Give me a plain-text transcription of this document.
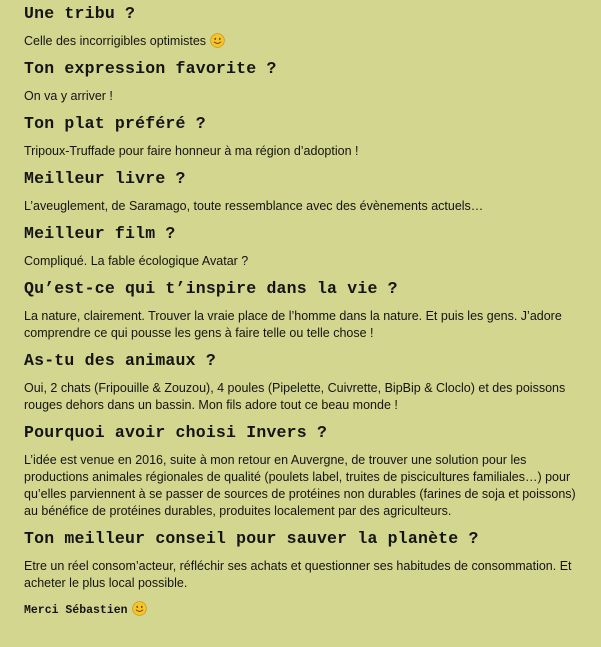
Une tribu ?

Celle des incorrigibles optimistes

Ton expression favorite ?

On va y arriver !

Ton plat préféré ?

Tripoux-Truffade pour faire honneur à ma région d’adoption !

Meilleur livre ?

L’aveuglement, de Saramago, toute ressemblance avec des évènements actuels…

Meilleur film ?

Compliqué. La fable écologique Avatar ?

Qu’est-ce qui t’inspire dans la vie ?

La nature, clairement. Trouver la vraie place de l’homme dans la nature. Et puis les gens. J’adore comprendre ce qui pousse les gens à faire telle ou telle chose !

As-tu des animaux ?

Oui, 2 chats (Fripouille & Zouzou), 4 poules (Pipelette, Cuivrette, BipBip & Cloclo) et des poissons rouges dehors dans un bassin. Mon fils adore tout ce beau monde !

Pourquoi avoir choisi Invers ?

L’idée est venue en 2016, suite à mon retour en Auvergne, de trouver une solution pour les productions animales régionales de qualité (poulets label, truites de piscicultures familiales…) pour qu’elles parviennent à se passer de sources de protéines non durables (farines de soja et poissons) au bénéfice de protéines durables, produites localement par des agriculteurs.

Ton meilleur conseil pour sauver la planète ?

Etre un réel consom’acteur, réfléchir ses achats et questionner ses habitudes de consommation. Et acheter le plus local possible.

Merci Sébastien
